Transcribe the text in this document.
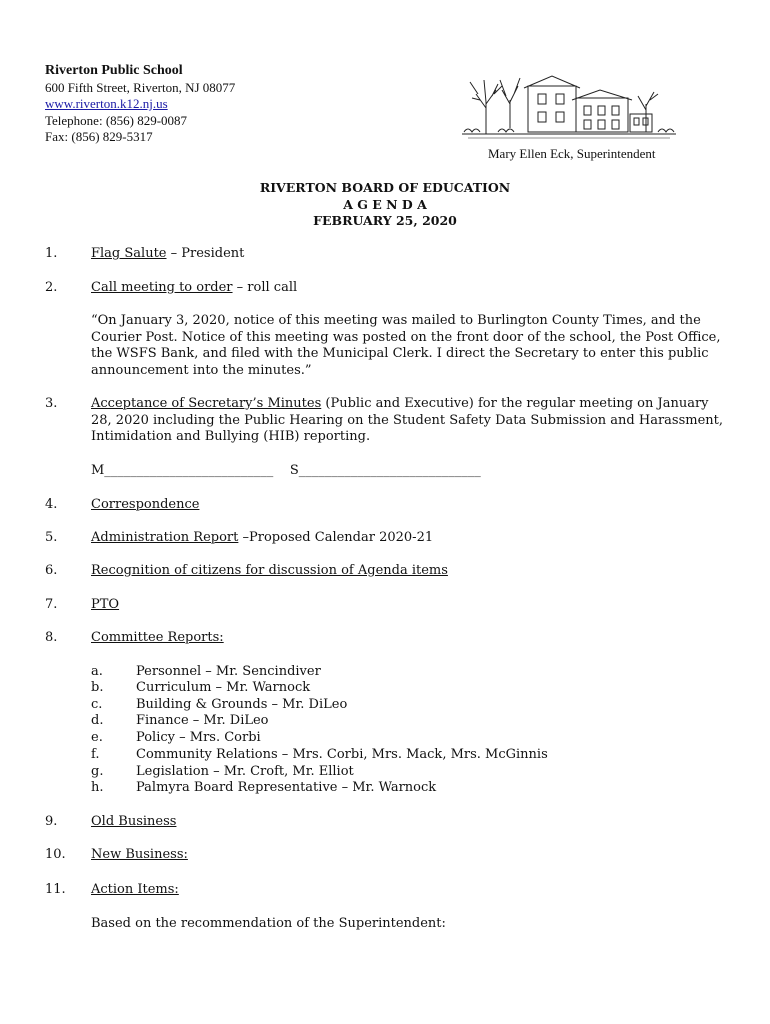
Riverton Public School
600 Fifth Street, Riverton, NJ 08077
www.riverton.k12.nj.us
Telephone: (856) 829-0087
Fax: (856) 829-5317
Mary Ellen Eck, Superintendent
RIVERTON BOARD OF EDUCATION
A G E N D A
FEBRUARY 25, 2020
1.	Flag Salute – President
2.	Call meeting to order – roll call
“On January 3, 2020, notice of this meeting was mailed to Burlington County Times, and the Courier Post. Notice of this meeting was posted on the front door of the school, the Post Office, the WSFS Bank, and filed with the Municipal Clerk. I direct the Secretary to enter this public announcement into the minutes.”
3.	Acceptance of Secretary’s Minutes (Public and Executive) for the regular meeting on January 28, 2020 including the Public Hearing on the Student Safety Data Submission and Harassment, Intimidation and Bullying (HIB) reporting.
M__________________________    S____________________________
4.	Correspondence
5.	Administration Report –Proposed Calendar 2020-21
6.	Recognition of citizens for discussion of Agenda items
7.	PTO
8.	Committee Reports:
a.	Personnel – Mr. Sencindiver
b.	Curriculum – Mr. Warnock
c.	Building & Grounds – Mr. DiLeo
d.	Finance – Mr. DiLeo
e.	Policy – Mrs. Corbi
f.	Community Relations – Mrs. Corbi, Mrs. Mack, Mrs. McGinnis
g.	Legislation – Mr. Croft, Mr. Elliot
h. Palmyra Board Representative – Mr. Warnock
9.	Old Business
10. New Business:
11. Action Items:
Based on the recommendation of the Superintendent:
